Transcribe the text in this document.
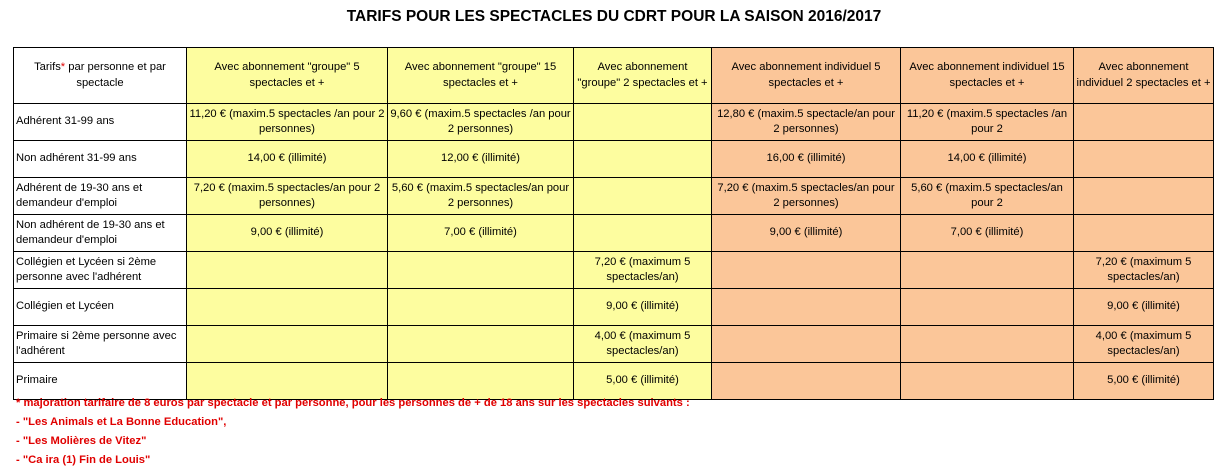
TARIFS POUR LES SPECTACLES DU CDRT POUR LA SAISON 2016/2017
Tarifs* par personne et par spectacle	Avec abonnement "groupe" 5 spectacles et +	Avec abonnement "groupe" 15 spectacles et +	Avec abonnement "groupe" 2 spectacles et +	Avec abonnement individuel 5 spectacles et +	Avec abonnement individuel 15 spectacles et +	Avec abonnement individuel 2 spectacles et +
Adhérent 31-99 ans	11,20 € (maxim.5 spectacles /an pour 2 personnes)	9,60 € (maxim.5 spectacles /an pour 2 personnes)		12,80 € (maxim.5 spectacle/an pour 2 personnes)	11,20 € (maxim.5 spectacles /an pour 2	
Non adhérent 31-99 ans	14,00 € (illimité)	12,00 € (illimité)		16,00 € (illimité)	14,00 € (illimité)	
Adhérent de 19-30 ans et demandeur d'emploi	7,20 € (maxim.5 spectacles/an pour 2 personnes)	5,60 € (maxim.5 spectacles/an pour 2 personnes)		7,20 € (maxim.5 spectacles/an pour 2 personnes)	5,60 € (maxim.5 spectacles/an pour 2	
Non adhérent de 19-30 ans et demandeur d'emploi	9,00 € (illimité)	7,00 € (illimité)		9,00 € (illimité)	7,00 € (illimité)	
Collégien et Lycéen si 2ème personne avec l'adhérent			7,20 € (maximum 5 spectacles/an)			7,20 € (maximum 5 spectacles/an)
Collégien et Lycéen			9,00 € (illimité)			9,00 € (illimité)
Primaire si 2ème personne avec l'adhérent			4,00 € (maximum 5 spectacles/an)			4,00 € (maximum 5 spectacles/an)
Primaire			5,00 € (illimité)			5,00 € (illimité)
* majoration tarifaire de 8 euros par spectacle et par personne, pour les personnes de + de 18 ans sur les spectacles suivants :
- "Les Animals et La Bonne Education",
- "Les Molières de Vitez"
- "Ca ira (1) Fin de Louis"
